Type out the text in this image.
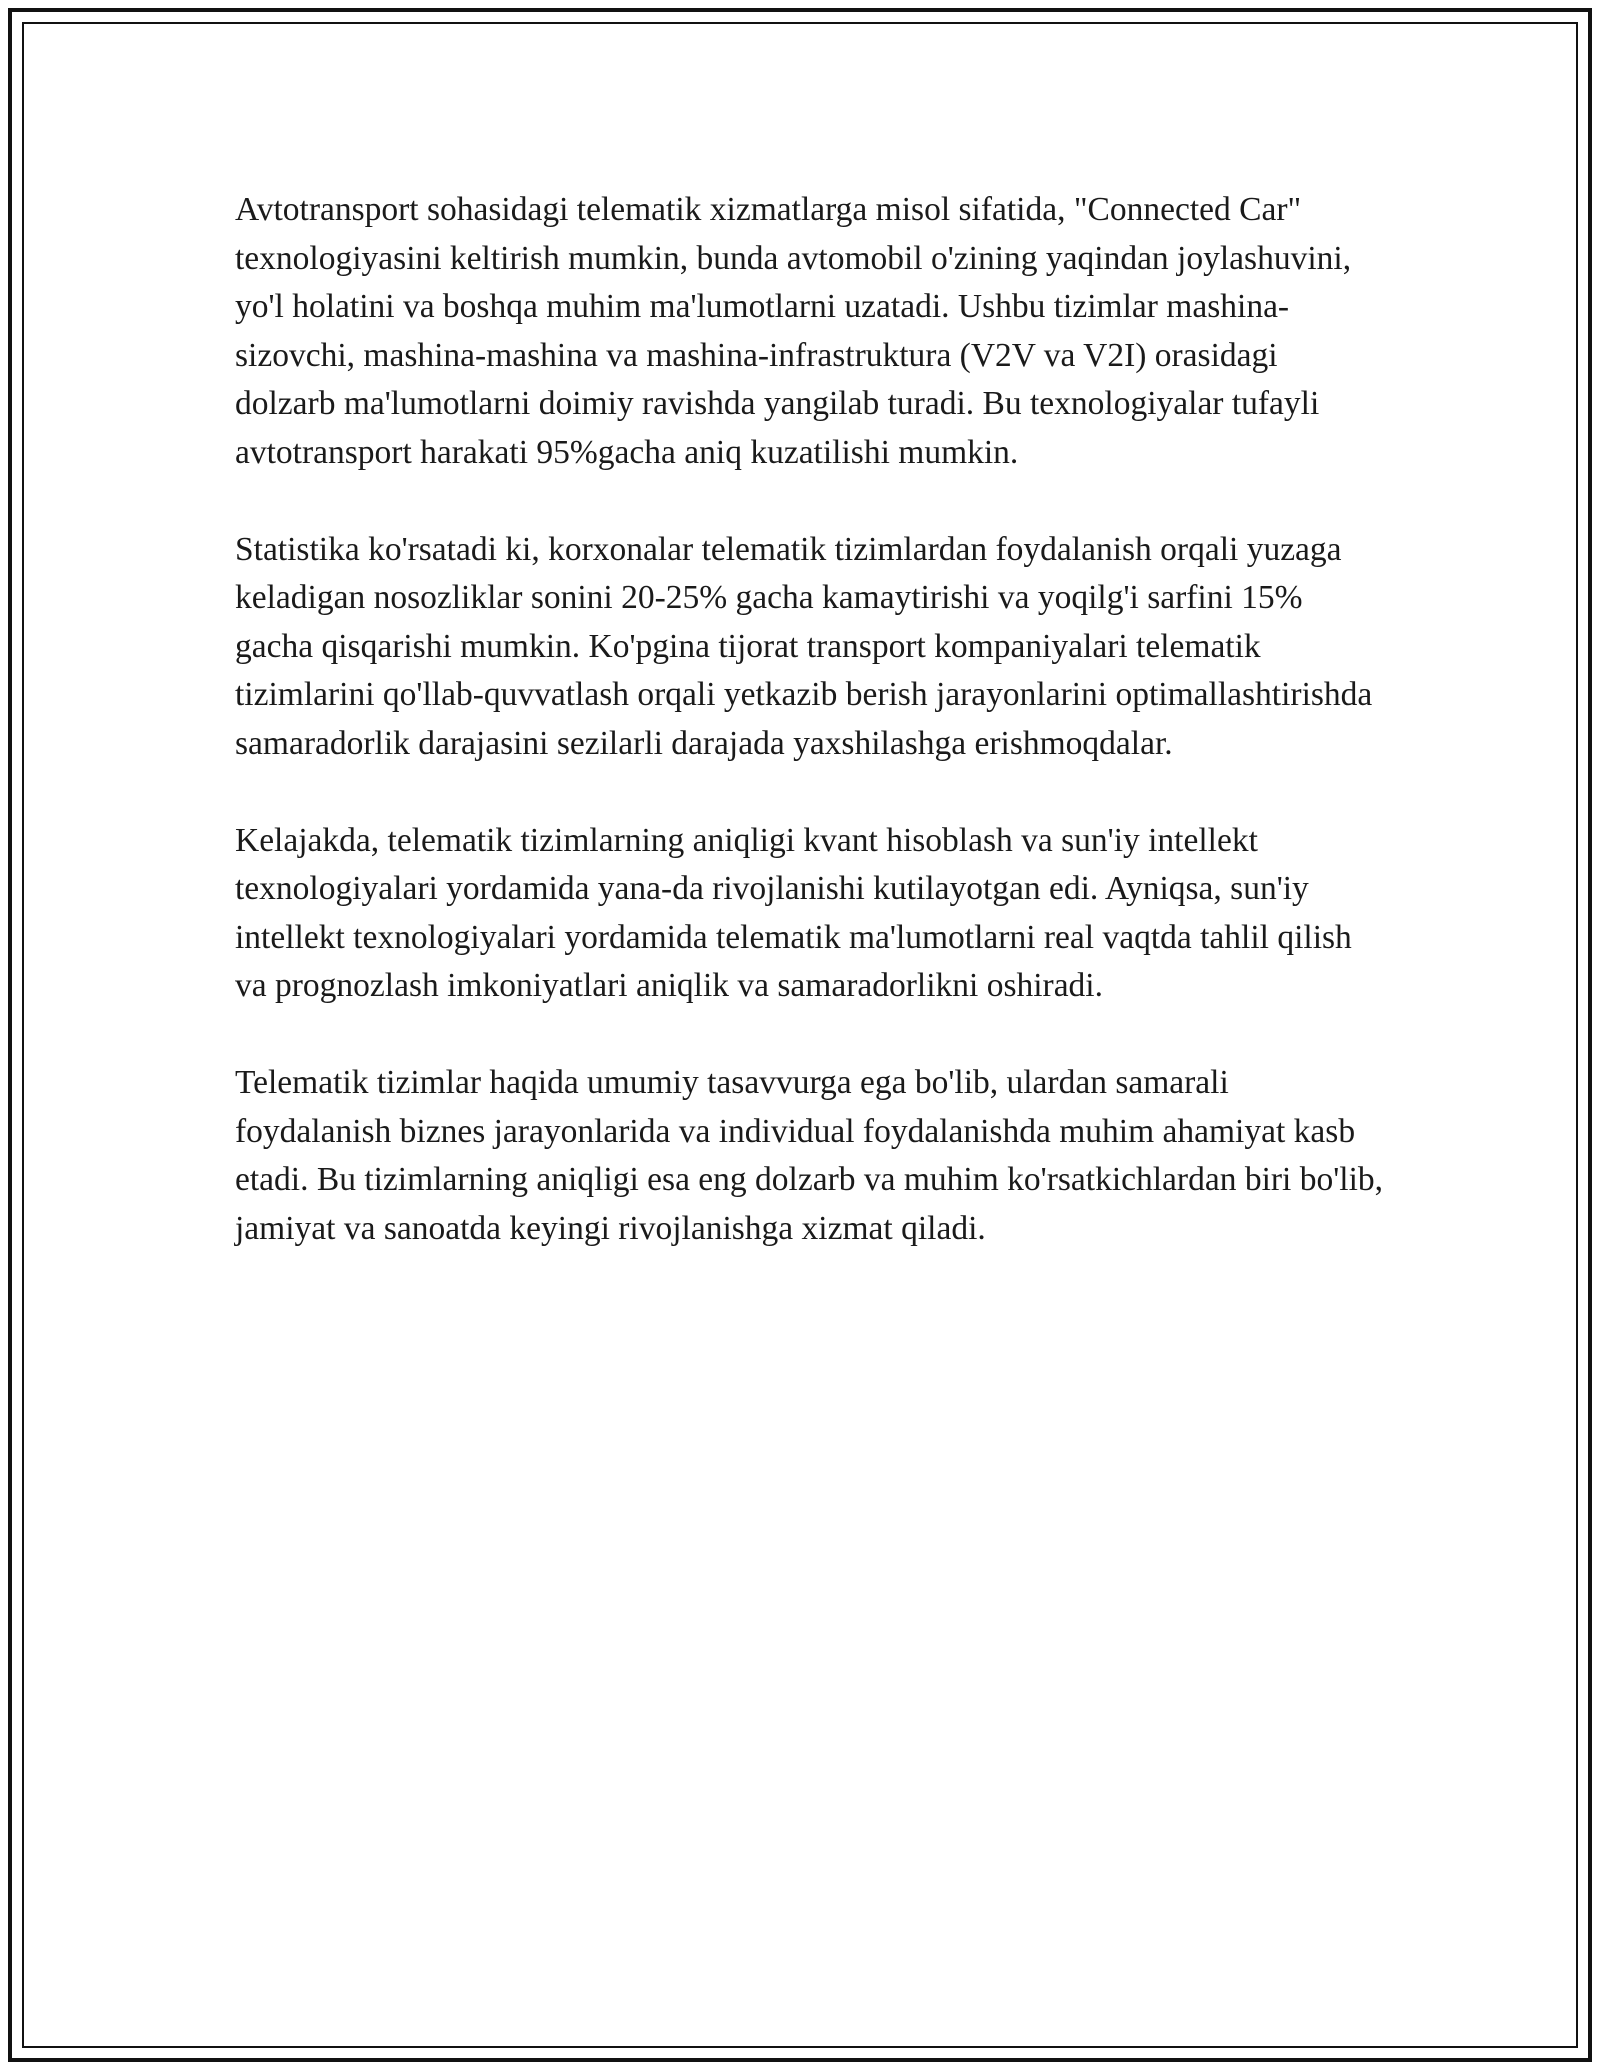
Avtotransport sohasidagi telematik xizmatlarga misol sifatida, "Connected Car" texnologiyasini keltirish mumkin, bunda avtomobil o'zining yaqindan joylashuvini, yo'l holatini va boshqa muhim ma'lumotlarni uzatadi. Ushbu tizimlar mashina-sizovchi, mashina-mashina va mashina-infrastruktura (V2V va V2I) orasidagi dolzarb ma'lumotlarni doimiy ravishda yangilab turadi. Bu texnologiyalar tufayli avtotransport harakati 95%gacha aniq kuzatilishi mumkin.

Statistika ko'rsatadi ki, korxonalar telematik tizimlardan foydalanish orqali yuzaga keladigan nosozliklar sonini 20-25% gacha kamaytirishi va yoqilg'i sarfini 15% gacha qisqarishi mumkin. Ko'pgina tijorat transport kompaniyalari telematik tizimlarini qo'llab-quvvatlash orqali yetkazib berish jarayonlarini optimallashtirishda samaradorlik darajasini sezilarli darajada yaxshilashga erishmoqdalar.

Kelajakda, telematik tizimlarning aniqligi kvant hisoblash va sun'iy intellekt texnologiyalari yordamida yana-da rivojlanishi kutilayotgan edi. Ayniqsa, sun'iy intellekt texnologiyalari yordamida telematik ma'lumotlarni real vaqtda tahlil qilish va prognozlash imkoniyatlari aniqlik va samaradorlikni oshiradi.

Telematik tizimlar haqida umumiy tasavvurga ega bo'lib, ulardan samarali foydalanish biznes jarayonlarida va individual foydalanishda muhim ahamiyat kasb etadi. Bu tizimlarning aniqligi esa eng dolzarb va muhim ko'rsatkichlardan biri bo'lib, jamiyat va sanoatda keyingi rivojlanishga xizmat qiladi.
